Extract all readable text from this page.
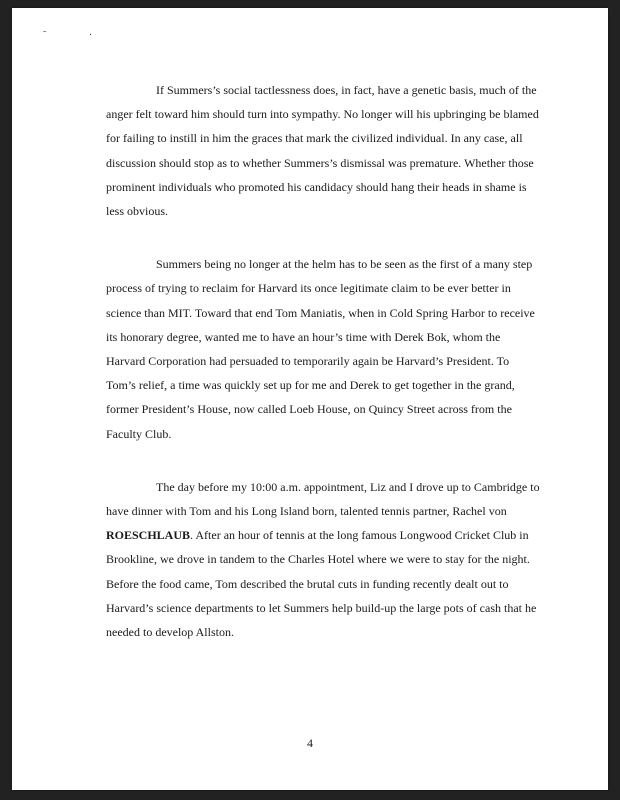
˜ ·

If Summers’s social tactlessness does, in fact, have a genetic basis, much of the anger felt toward him should turn into sympathy. No longer will his upbringing be blamed for failing to instill in him the graces that mark the civilized individual. In any case, all discussion should stop as to whether Summers’s dismissal was premature. Whether those prominent individuals who promoted his candidacy should hang their heads in shame is less obvious.

Summers being no longer at the helm has to be seen as the first of a many step process of trying to reclaim for Harvard its once legitimate claim to be ever better in science than MIT. Toward that end Tom Maniatis, when in Cold Spring Harbor to receive its honorary degree, wanted me to have an hour’s time with Derek Bok, whom the Harvard Corporation had persuaded to temporarily again be Harvard’s President. To Tom’s relief, a time was quickly set up for me and Derek to get together in the grand, former President’s House, now called Loeb House, on Quincy Street across from the Faculty Club.

The day before my 10:00 a.m. appointment, Liz and I drove up to Cambridge to have dinner with Tom and his Long Island born, talented tennis partner, Rachel von ROESCHLAUB. After an hour of tennis at the long famous Longwood Cricket Club in Brookline, we drove in tandem to the Charles Hotel where we were to stay for the night. Before the food came, Tom described the brutal cuts in funding recently dealt out to Harvard’s science departments to let Summers help build-up the large pots of cash that he needed to develop Allston.

4
